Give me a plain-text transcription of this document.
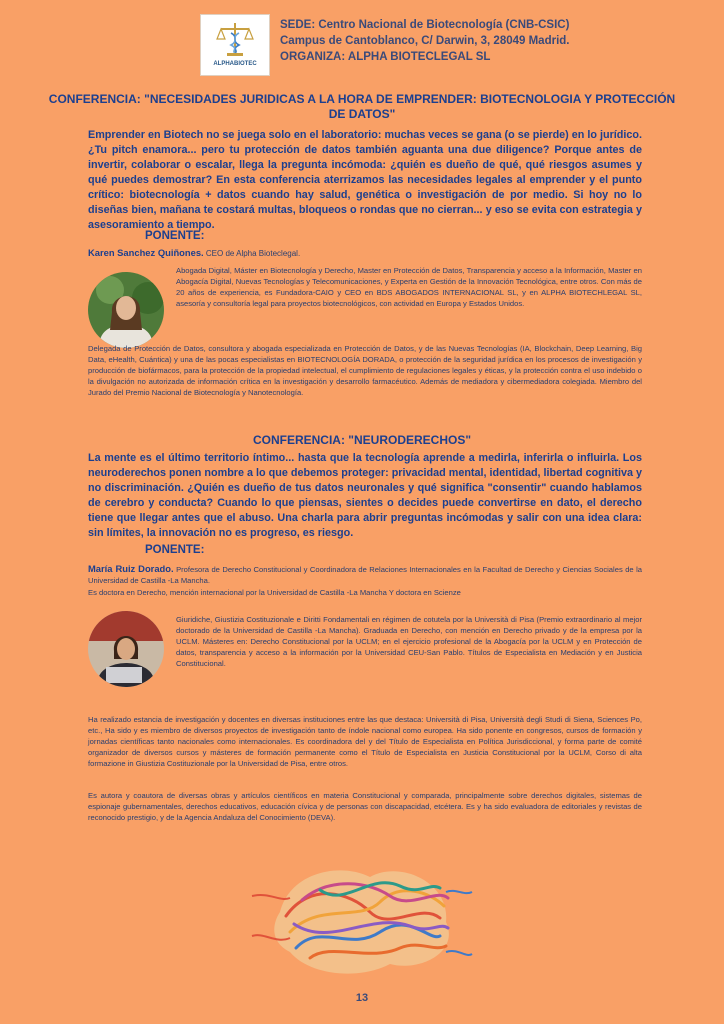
ALPHABIOTEC
SEDE: Centro Nacional de Biotecnología (CNB-CSIC)
Campus de Cantoblanco, C/ Darwin, 3, 28049 Madrid.
ORGANIZA: ALPHA BIOTECLEGAL SL
CONFERENCIA: "NECESIDADES JURIDICAS A LA HORA DE EMPRENDER: BIOTECNOLOGIA Y PROTECCIÓN DE DATOS"
Emprender en Biotech no se juega solo en el laboratorio: muchas veces se gana (o se pierde) en lo jurídico. ¿Tu pitch enamora... pero tu protección de datos también aguanta una due diligence? Porque antes de invertir, colaborar o escalar, llega la pregunta incómoda: ¿quién es dueño de qué, qué riesgos asumes y qué puedes demostrar? En esta conferencia aterrizamos las necesidades legales al emprender y el punto crítico: biotecnología + datos cuando hay salud, genética o investigación de por medio. Si hoy no lo diseñas bien, mañana te costará multas, bloqueos o rondas que no cierran... y eso se evita con estrategia y asesoramiento a tiempo.
PONENTE:
Karen Sanchez Quiñones. CEO de Alpha Bioteclegal.
Abogada Digital, Máster en Biotecnología y Derecho, Master en Protección de Datos, Transparencia y acceso a la Información, Master en Abogacía Digital, Nuevas Tecnologías y Telecomunicaciones, y Experta en Gestión de la Innovación Tecnológica, entre otros. Con más de 20 años de experiencia, es Fundadora-CAIO y CEO en BDS ABOGADOS INTERNACIONAL SL, y en ALPHA BIOTECHLEGAL SL, asesoría y consultoría legal para proyectos biotecnológicos, con actividad en Europa y Estados Unidos.
Delegada de Protección de Datos, consultora y abogada especializada en Protección de Datos, y de las Nuevas Tecnologías (IA, Blockchain, Deep Learning, Big Data, eHealth, Cuántica) y una de las pocas especialistas en BIOTECNOLOGÍA DORADA, o protección de la seguridad jurídica en los procesos de investigación y producción de biofármacos, para la protección de la propiedad intelectual, el cumplimiento de regulaciones legales y éticas, y la protección contra el uso indebido o la divulgación no autorizada de información crítica en la investigación y desarrollo farmacéutico. Además de mediadora y cibermediadora colegiada. Miembro del Jurado del Premio Nacional de Biotecnología y Nanotecnología.
CONFERENCIA: "NEURODERECHOS"
La mente es el último territorio íntimo... hasta que la tecnología aprende a medirla, inferirla o influirla. Los neuroderechos ponen nombre a lo que debemos proteger: privacidad mental, identidad, libertad cognitiva y no discriminación. ¿Quién es dueño de tus datos neuronales y qué significa "consentir" cuando hablamos de cerebro y conducta? Cuando lo que piensas, sientes o decides puede convertirse en dato, el derecho tiene que llegar antes que el abuso. Una charla para abrir preguntas incómodas y salir con una idea clara: sin límites, la innovación no es progreso, es riesgo.
PONENTE:
María Ruiz Dorado. Profesora de Derecho Constitucional y Coordinadora de Relaciones Internacionales en la Facultad de Derecho y Ciencias Sociales de la Universidad de Castilla -La Mancha.
Es doctora en Derecho, mención internacional por la Universidad de Castilla -La Mancha Y doctora en Scienze
Giuridiche, Giustizia Costituzionale e Diritti Fondamentali en régimen de cotutela por la Università di Pisa (Premio extraordinario al mejor doctorado de la Universidad de Castilla -La Mancha). Graduada en Derecho, con mención en Derecho privado y de la empresa por la UCLM. Másteres en: Derecho Constitucional por la UCLM; en el ejercicio profesional de la Abogacía por la UCLM y en Protección de datos, transparencia y acceso a la información por la Universidad CEU-San Pablo. Títulos de Especialista en Mediación y en Justicia Constitucional.
Ha realizado estancia de investigación y docentes en diversas instituciones entre las que destaca: Università di Pisa, Università degli Studi di Siena, Sciences Po, etc., Ha sido y es miembro de diversos proyectos de investigación tanto de índole nacional como europea. Ha sido ponente en congresos, cursos de formación y jornadas científicas tanto nacionales como internacionales. Es coordinadora del y del Título de Especialista en Política Jurisdiccional, y forma parte de comité organizador de diversos cursos y másteres de formación permanente como el Título de Especialista en Justicia Constitucional por la UCLM, Corso di alta formazione in Giustizia Costituzionale por la Universidad de Pisa, entre otros.
Es autora y coautora de diversas obras y artículos científicos en materia Constitucional y comparada, principalmente sobre derechos digitales, sistemas de espionaje gubernamentales, derechos educativos, educación cívica y de personas con discapacidad, etcétera. Es y ha sido evaluadora de editoriales y revistas de reconocido prestigio, y de la Agencia Andaluza del Conocimiento (DEVA).
13
